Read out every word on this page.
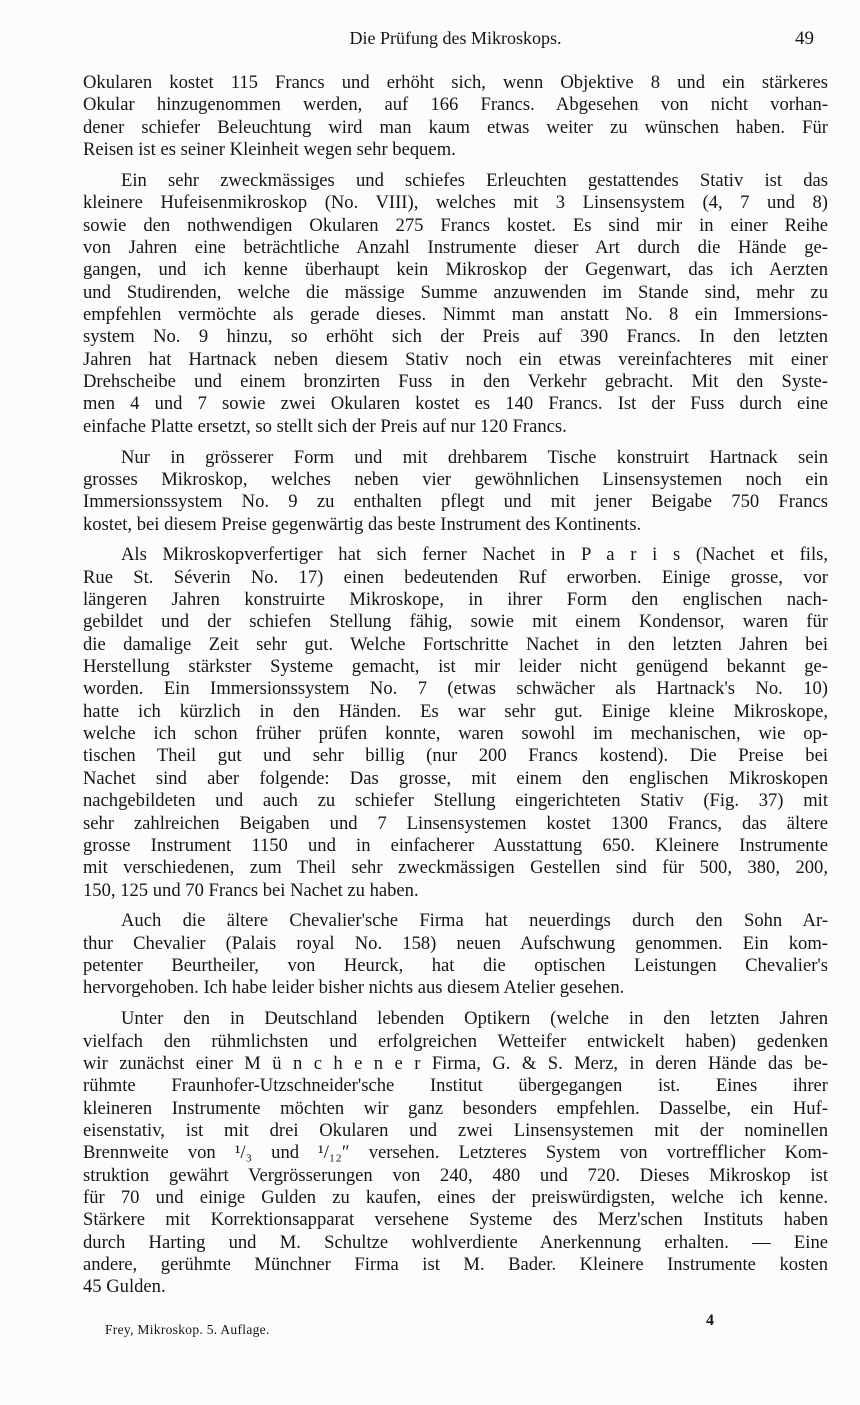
Die Prüfung des Mikroskops.	49
Okularen kostet 115 Francs und erhöht sich, wenn Objektive 8 und ein stärkeres
Okular hinzugenommen werden, auf 166 Francs. Abgesehen von nicht vorhan-
dener schiefer Beleuchtung wird man kaum etwas weiter zu wünschen haben. Für
Reisen ist es seiner Kleinheit wegen sehr bequem.
Ein sehr zweckmässiges und schiefes Erleuchten gestattendes Stativ ist das
kleinere Hufeisenmikroskop (No. VIII), welches mit 3 Linsensystem (4, 7 und 8)
sowie den nothwendigen Okularen 275 Francs kostet. Es sind mir in einer Reihe
von Jahren eine beträchtliche Anzahl Instrumente dieser Art durch die Hände ge-
gangen, und ich kenne überhaupt kein Mikroskop der Gegenwart, das ich Aerzten
und Studirenden, welche die mässige Summe anzuwenden im Stande sind, mehr zu
empfehlen vermöchte als gerade dieses. Nimmt man anstatt No. 8 ein Immersions-
system No. 9 hinzu, so erhöht sich der Preis auf 390 Francs. In den letzten
Jahren hat Hartnack neben diesem Stativ noch ein etwas vereinfachteres mit einer
Drehscheibe und einem bronzirten Fuss in den Verkehr gebracht. Mit den Syste-
men 4 und 7 sowie zwei Okularen kostet es 140 Francs. Ist der Fuss durch eine
einfache Platte ersetzt, so stellt sich der Preis auf nur 120 Francs.
Nur in grösserer Form und mit drehbarem Tische konstruirt Hartnack sein
grosses Mikroskop, welches neben vier gewöhnlichen Linsensystemen noch ein
Immersionssystem No. 9 zu enthalten pflegt und mit jener Beigabe 750 Francs
kostet, bei diesem Preise gegenwärtig das beste Instrument des Kontinents.
Als Mikroskopverfertiger hat sich ferner Nachet in P a r i s (Nachet et fils,
Rue St. Séverin No. 17) einen bedeutenden Ruf erworben. Einige grosse, vor
längeren Jahren konstruirte Mikroskope, in ihrer Form den englischen nach-
gebildet und der schiefen Stellung fähig, sowie mit einem Kondensor, waren für
die damalige Zeit sehr gut. Welche Fortschritte Nachet in den letzten Jahren bei
Herstellung stärkster Systeme gemacht, ist mir leider nicht genügend bekannt ge-
worden. Ein Immersionssystem No. 7 (etwas schwächer als Hartnack's No. 10)
hatte ich kürzlich in den Händen. Es war sehr gut. Einige kleine Mikroskope,
welche ich schon früher prüfen konnte, waren sowohl im mechanischen, wie op-
tischen Theil gut und sehr billig (nur 200 Francs kostend). Die Preise bei
Nachet sind aber folgende: Das grosse, mit einem den englischen Mikroskopen
nachgebildeten und auch zu schiefer Stellung eingerichteten Stativ (Fig. 37) mit
sehr zahlreichen Beigaben und 7 Linsensystemen kostet 1300 Francs, das ältere
grosse Instrument 1150 und in einfacherer Ausstattung 650. Kleinere Instrumente
mit verschiedenen, zum Theil sehr zweckmässigen Gestellen sind für 500, 380, 200,
150, 125 und 70 Francs bei Nachet zu haben.
Auch die ältere Chevalier'sche Firma hat neuerdings durch den Sohn Ar-
thur Chevalier (Palais royal No. 158) neuen Aufschwung genommen. Ein kom-
petenter Beurtheiler, von Heurck, hat die optischen Leistungen Chevalier's
hervorgehoben. Ich habe leider bisher nichts aus diesem Atelier gesehen.
Unter den in Deutschland lebenden Optikern (welche in den letzten Jahren
vielfach den rühmlichsten und erfolgreichen Wetteifer entwickelt haben) gedenken
wir zunächst einer M ü n c h e n e r Firma, G. & S. Merz, in deren Hände das be-
rühmte Fraunhofer-Utzschneider'sche Institut übergegangen ist. Eines ihrer
kleineren Instrumente möchten wir ganz besonders empfehlen. Dasselbe, ein Huf-
eisenstativ, ist mit drei Okularen und zwei Linsensystemen mit der nominellen
Brennweite von ¹/₃ und ¹/₁₂″ versehen. Letzteres System von vortrefflicher Kom-
struktion gewährt Vergrösserungen von 240, 480 und 720. Dieses Mikroskop ist
für 70 und einige Gulden zu kaufen, eines der preiswürdigsten, welche ich kenne.
Stärkere mit Korrektionsapparat versehene Systeme des Merz'schen Instituts haben
durch Harting und M. Schultze wohlverdiente Anerkennung erhalten. — Eine
andere, gerühmte Münchner Firma ist M. Bader. Kleinere Instrumente kosten
45 Gulden.
Frey, Mikroskop. 5. Auflage.
4
